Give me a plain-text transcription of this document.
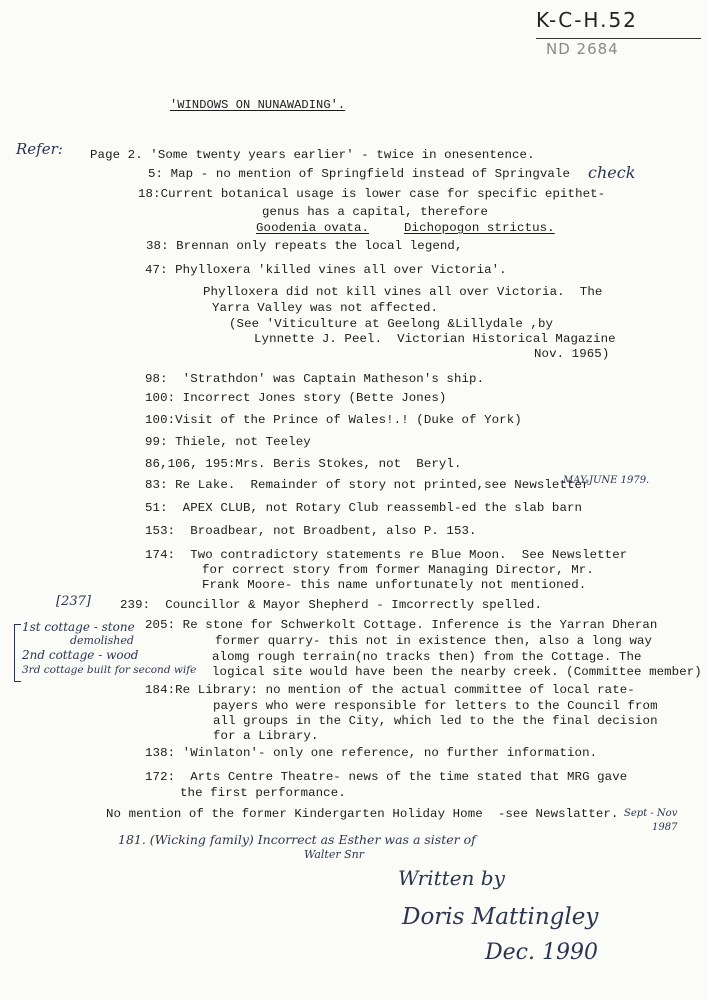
K-C-H.52
ND 2684
'WINDOWS ON NUNAWADING'.
Refer: Page 2. 'Some twenty years earlier' - twice in onesentence.
check
5: Map - no mention of Springfield instead of Springvale
18:Current botanical usage is lower case for specific epithet-
genus has a capital, therefore
Goodenia ovata.	Dichopogon strictus.
38: Brennan only repeats the local legend,
47: Phylloxera 'killed vines all over Victoria'.
Phylloxera did not kill vines all over Victoria.  The
Yarra Valley was not affected.
(See 'Viticulture at Geelong &Lillydale ,by
Lynnette J. Peel.  Victorian Historical Magazine
Nov. 1965)
98:  'Strathdon' was Captain Matheson's ship.
100: Incorrect Jones story (Bette Jones)
100:Visit of the Prince of Wales!.! (Duke of York)
99: Thiele, not Teeley
86,106, 195:Mrs. Beris Stokes, not  Beryl.
83: Re Lake.  Remainder of story not printed,see Newsletter
MAY-JUNE 1979.
51:  APEX CLUB, not Rotary Club reassembl-ed the slab barn
153:  Broadbear, not Broadbent, also P. 153.
174:  Two contradictory statements re Blue Moon.  See Newsletter
for correct story from former Managing Director, Mr.
Frank Moore- this name unfortunately not mentioned.
[237] 239:  Councillor & Mayor Shepherd - Imcorrectly spelled.
205: Re stone for Schwerkolt Cottage. Inference is the Yarran Dheran
former quarry- this not in existence then, also a long way
alomg rough terrain(no tracks then) from the Cottage. The
logical site would have been the nearby creek. (Committee member)
1st cottage - stone
demolished
2nd cottage - wood
3rd cottage built for second wife
184:Re Library: no mention of the actual committee of local rate-
payers who were responsible for letters to the Council from
all groups in the City, which led to the the final decision
for a Library.
138: 'Winlaton'- only one reference, no further information.
172:  Arts Centre Theatre- news of the time stated that MRG gave
the first performance.
No mention of the former Kindergarten Holiday Home  -see Newslatter. Sept - Nov
1987
181. (Wicking family) Incorrect as Esther was a sister of
Walter Snr
Written by
Doris Mattingley
Dec. 1990
